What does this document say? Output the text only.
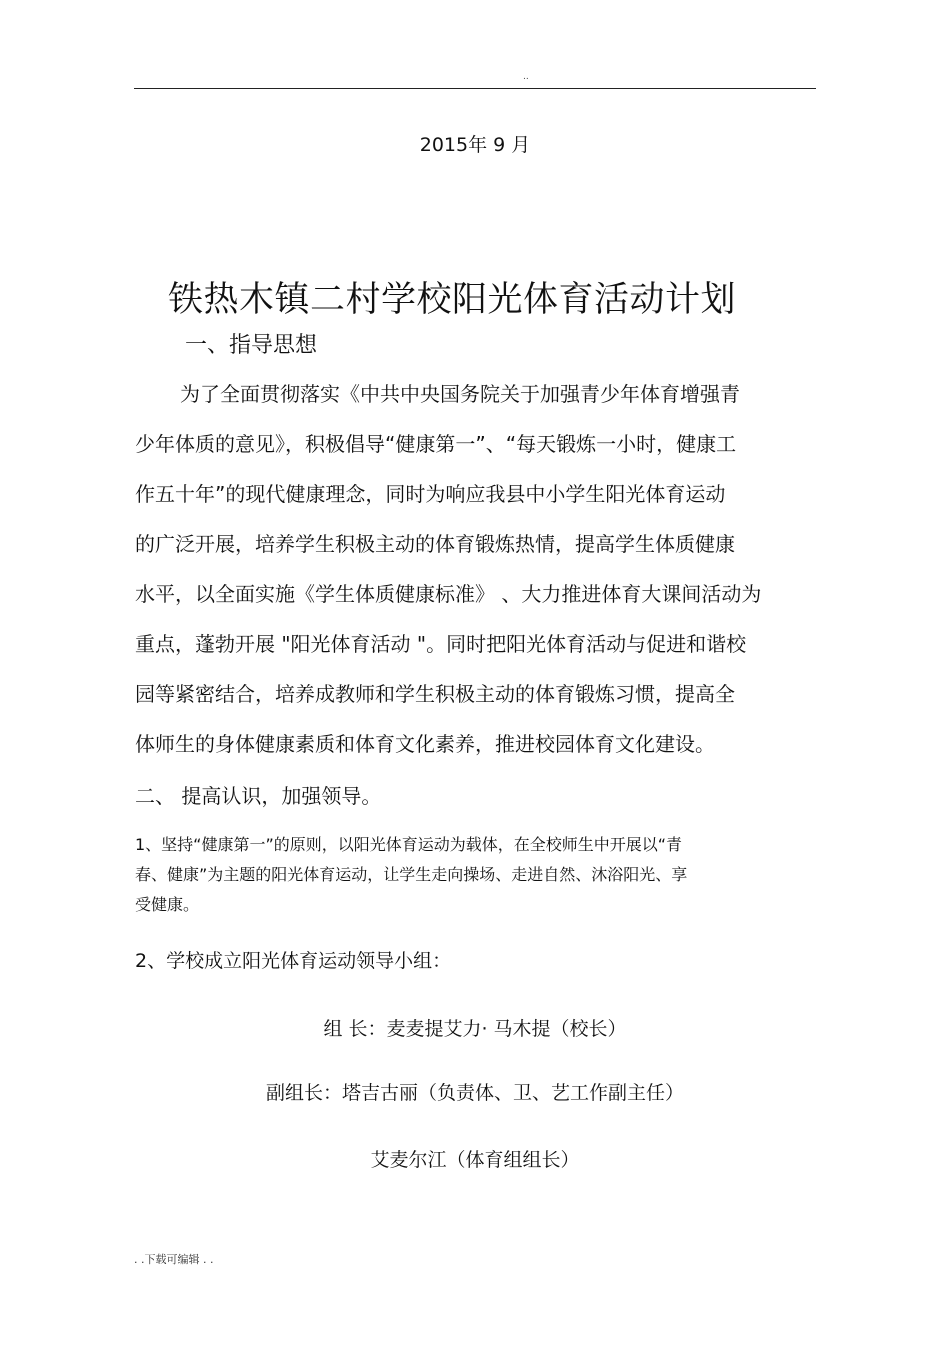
..
2015年 9 月
铁热木镇二村学校阳光体育活动计划
一、指导思想
为了全面贯彻落实《中共中央国务院关于加强青少年体育增强青
少年体质的意见》，积极倡导“健康第一”、“每天锻炼一小时，健康工
作五十年”的现代健康理念，同时为响应我县中小学生阳光体育运动
的广泛开展，培养学生积极主动的体育锻炼热情，提高学生体质健康
水平，以全面实施《学生体质健康标准》 、大力推进体育大课间活动为
重点，蓬勃开展 "阳光体育活动 "。同时把阳光体育活动与促进和谐校
园等紧密结合，培养成教师和学生积极主动的体育锻炼习惯，提高全
体师生的身体健康素质和体育文化素养，推进校园体育文化建设。
二、 提高认识，加强领导。
1、坚持“健康第一”的原则，以阳光体育运动为载体，在全校师生中开展以“青
春、健康”为主题的阳光体育运动，让学生走向操场、走进自然、沐浴阳光、享
受健康。
2、学校成立阳光体育运动领导小组：
组 长：麦麦提艾力· 马木提（校长）
副组长：塔吉古丽（负责体、卫、艺工作副主任）
艾麦尔江（体育组组长）
. .下载可编辑 . .
